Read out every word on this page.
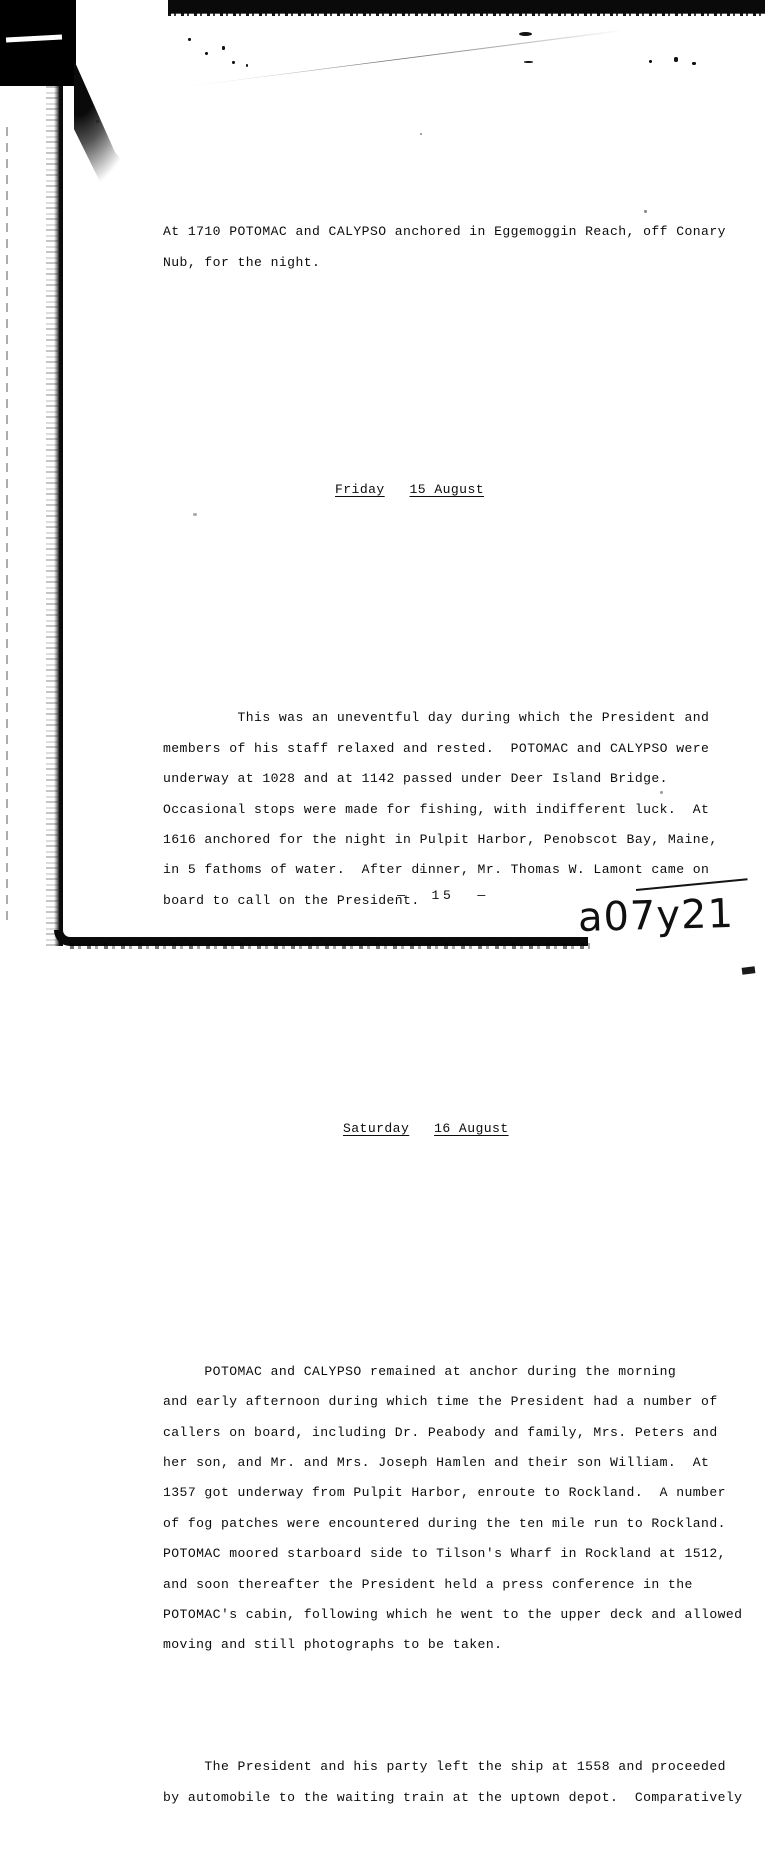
At 1710 POTOMAC and CALYPSO anchored in Eggemoggin Reach, off Conary
Nub, for the night.

Friday 15 August

This was an uneventful day during which the President and
members of his staff relaxed and rested.  POTOMAC and CALYPSO were
underway at 1028 and at 1142 passed under Deer Island Bridge.
Occasional stops were made for fishing, with indifferent luck.  At
1616 anchored for the night in Pulpit Harbor, Penobscot Bay, Maine,
in 5 fathoms of water.  After dinner, Mr. Thomas W. Lamont came on
board to call on the President.

Saturday 16 August

POTOMAC and CALYPSO remained at anchor during the morning
and early afternoon during which time the President had a number of
callers on board, including Dr. Peabody and family, Mrs. Peters and
her son, and Mr. and Mrs. Joseph Hamlen and their son William.  At
1357 got underway from Pulpit Harbor, enroute to Rockland.  A number
of fog patches were encountered during the ten mile run to Rockland.
POTOMAC moored starboard side to Tilson's Wharf in Rockland at 1512,
and soon thereafter the President held a press conference in the
POTOMAC's cabin, following which he went to the upper deck and allowed
moving and still photographs to be taken.

The President and his party left the ship at 1558 and proceeded
by automobile to the waiting train at the uptown depot.  Comparatively

—  15  —	a07y21
